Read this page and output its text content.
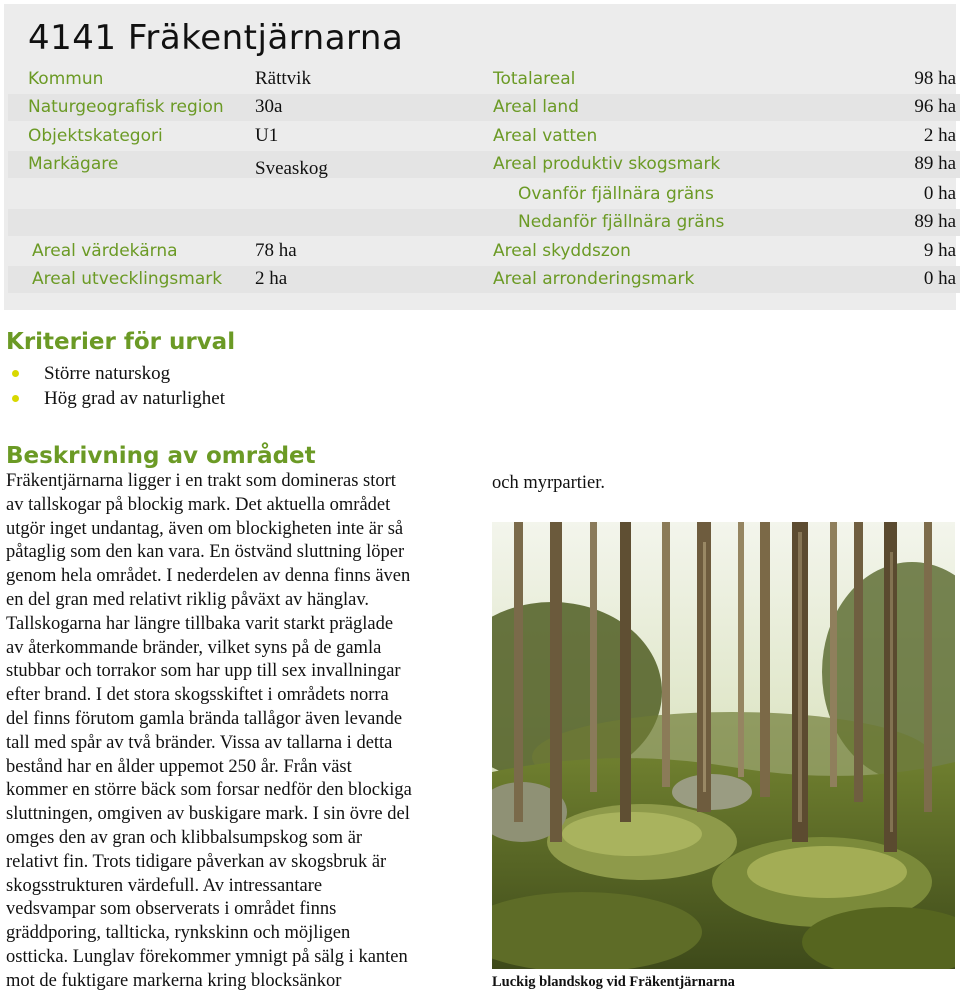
4141 Fräkentjärnarna
Kommun	Rättvik	Totalareal	98 ha
Naturgeografisk region 30a	Areal land	96 ha
Objektskategori	U1	Areal vatten	2 ha
Markägare	Sveaskog	Areal produktiv skogsmark	89 ha
Ovanför fjällnära gräns	0 ha
Nedanför fjällnära gräns	89 ha
Areal värdekärna	78 ha	Areal skyddszon	9 ha
Areal utvecklingsmark 2 ha	Areal arronderingsmark	0 ha
Kriterier för urval
Större naturskog
Hög grad av naturlighet
Beskrivning av området
Fräkentjärnarna ligger i en trakt som domineras stort
av tallskogar på blockig mark. Det aktuella området
utgör inget undantag, även om blockigheten inte är så
påtaglig som den kan vara. En östvänd sluttning löper
genom hela området. I nederdelen av denna finns även
en del gran med relativt riklig påväxt av hänglav.
Tallskogarna har längre tillbaka varit starkt präglade
av återkommande bränder, vilket syns på de gamla
stubbar och torrakor som har upp till sex invallningar
efter brand. I det stora skogsskiftet i områdets norra
del finns förutom gamla brända tallågor även levande
tall med spår av två bränder. Vissa av tallarna i detta
bestånd har en ålder uppemot 250 år. Från väst
kommer en större bäck som forsar nedför den blockiga
sluttningen, omgiven av buskigare mark. I sin övre del
omges den av gran och klibbalsumpskog som är
relativt fin. Trots tidigare påverkan av skogsbruk är
skogsstrukturen värdefull. Av intressantare
vedsvampar som observerats i området finns
gräddporing, tallticka, rynkskinn och möjligen
ostticka. Lunglav förekommer ymnigt på sälg i kanten
mot de fuktigare markerna kring blocksänkor
och myrpartier.
Luckig blandskog vid Fräkentjärnarna
